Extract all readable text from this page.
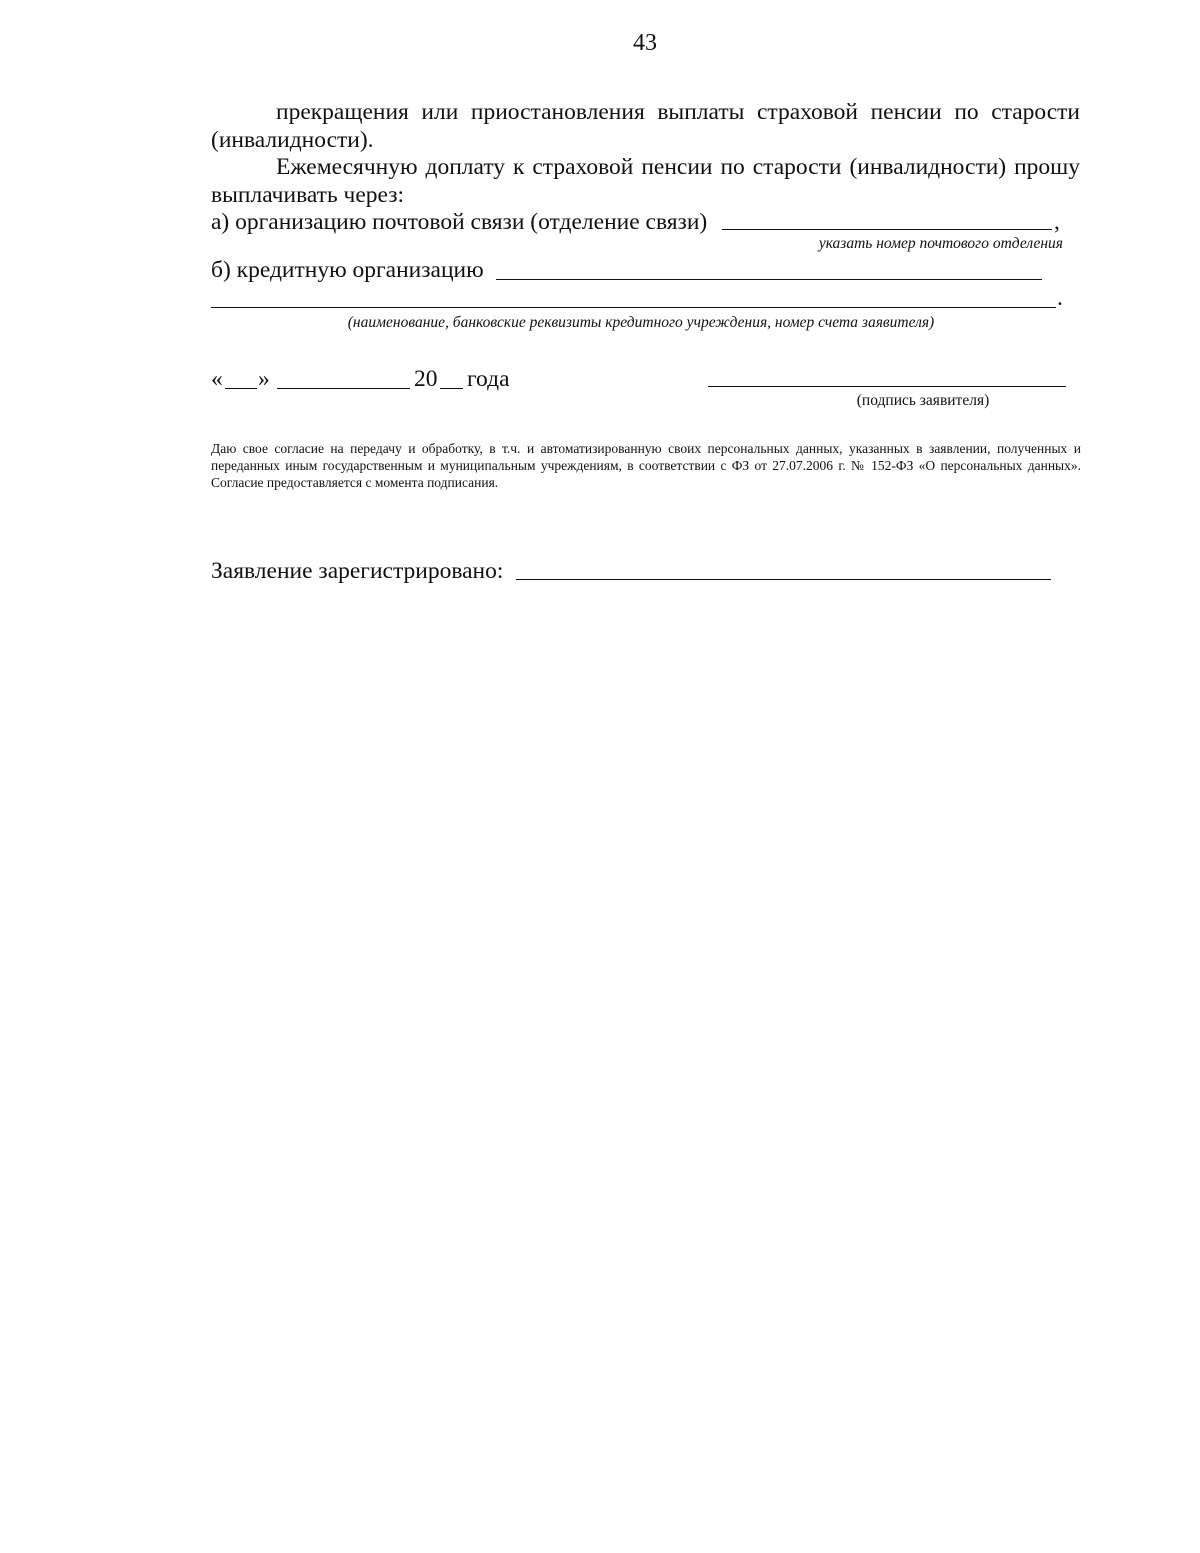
43
прекращения или приостановления выплаты страховой пенсии по старости
(инвалидности).
Ежемесячную доплату к страховой пенсии по старости (инвалидности) прошу
выплачивать через:
а) организацию почтовой связи (отделение связи)	,
указать номер почтового отделения
б) кредитную организацию
.
(наименование, банковские реквизиты кредитного учреждения, номер счета заявителя)
« »	20 года
(подпись заявителя)
Даю свое согласие на передачу и обработку, в т.ч. и автоматизированную своих персональных данных, указанных в заявлении, полученных и переданных иным государственным и муниципальным учреждениям, в соответствии с ФЗ от 27.07.2006 г. № 152-ФЗ «О персональных данных». Согласие предоставляется с момента подписания.
Заявление зарегистрировано:
